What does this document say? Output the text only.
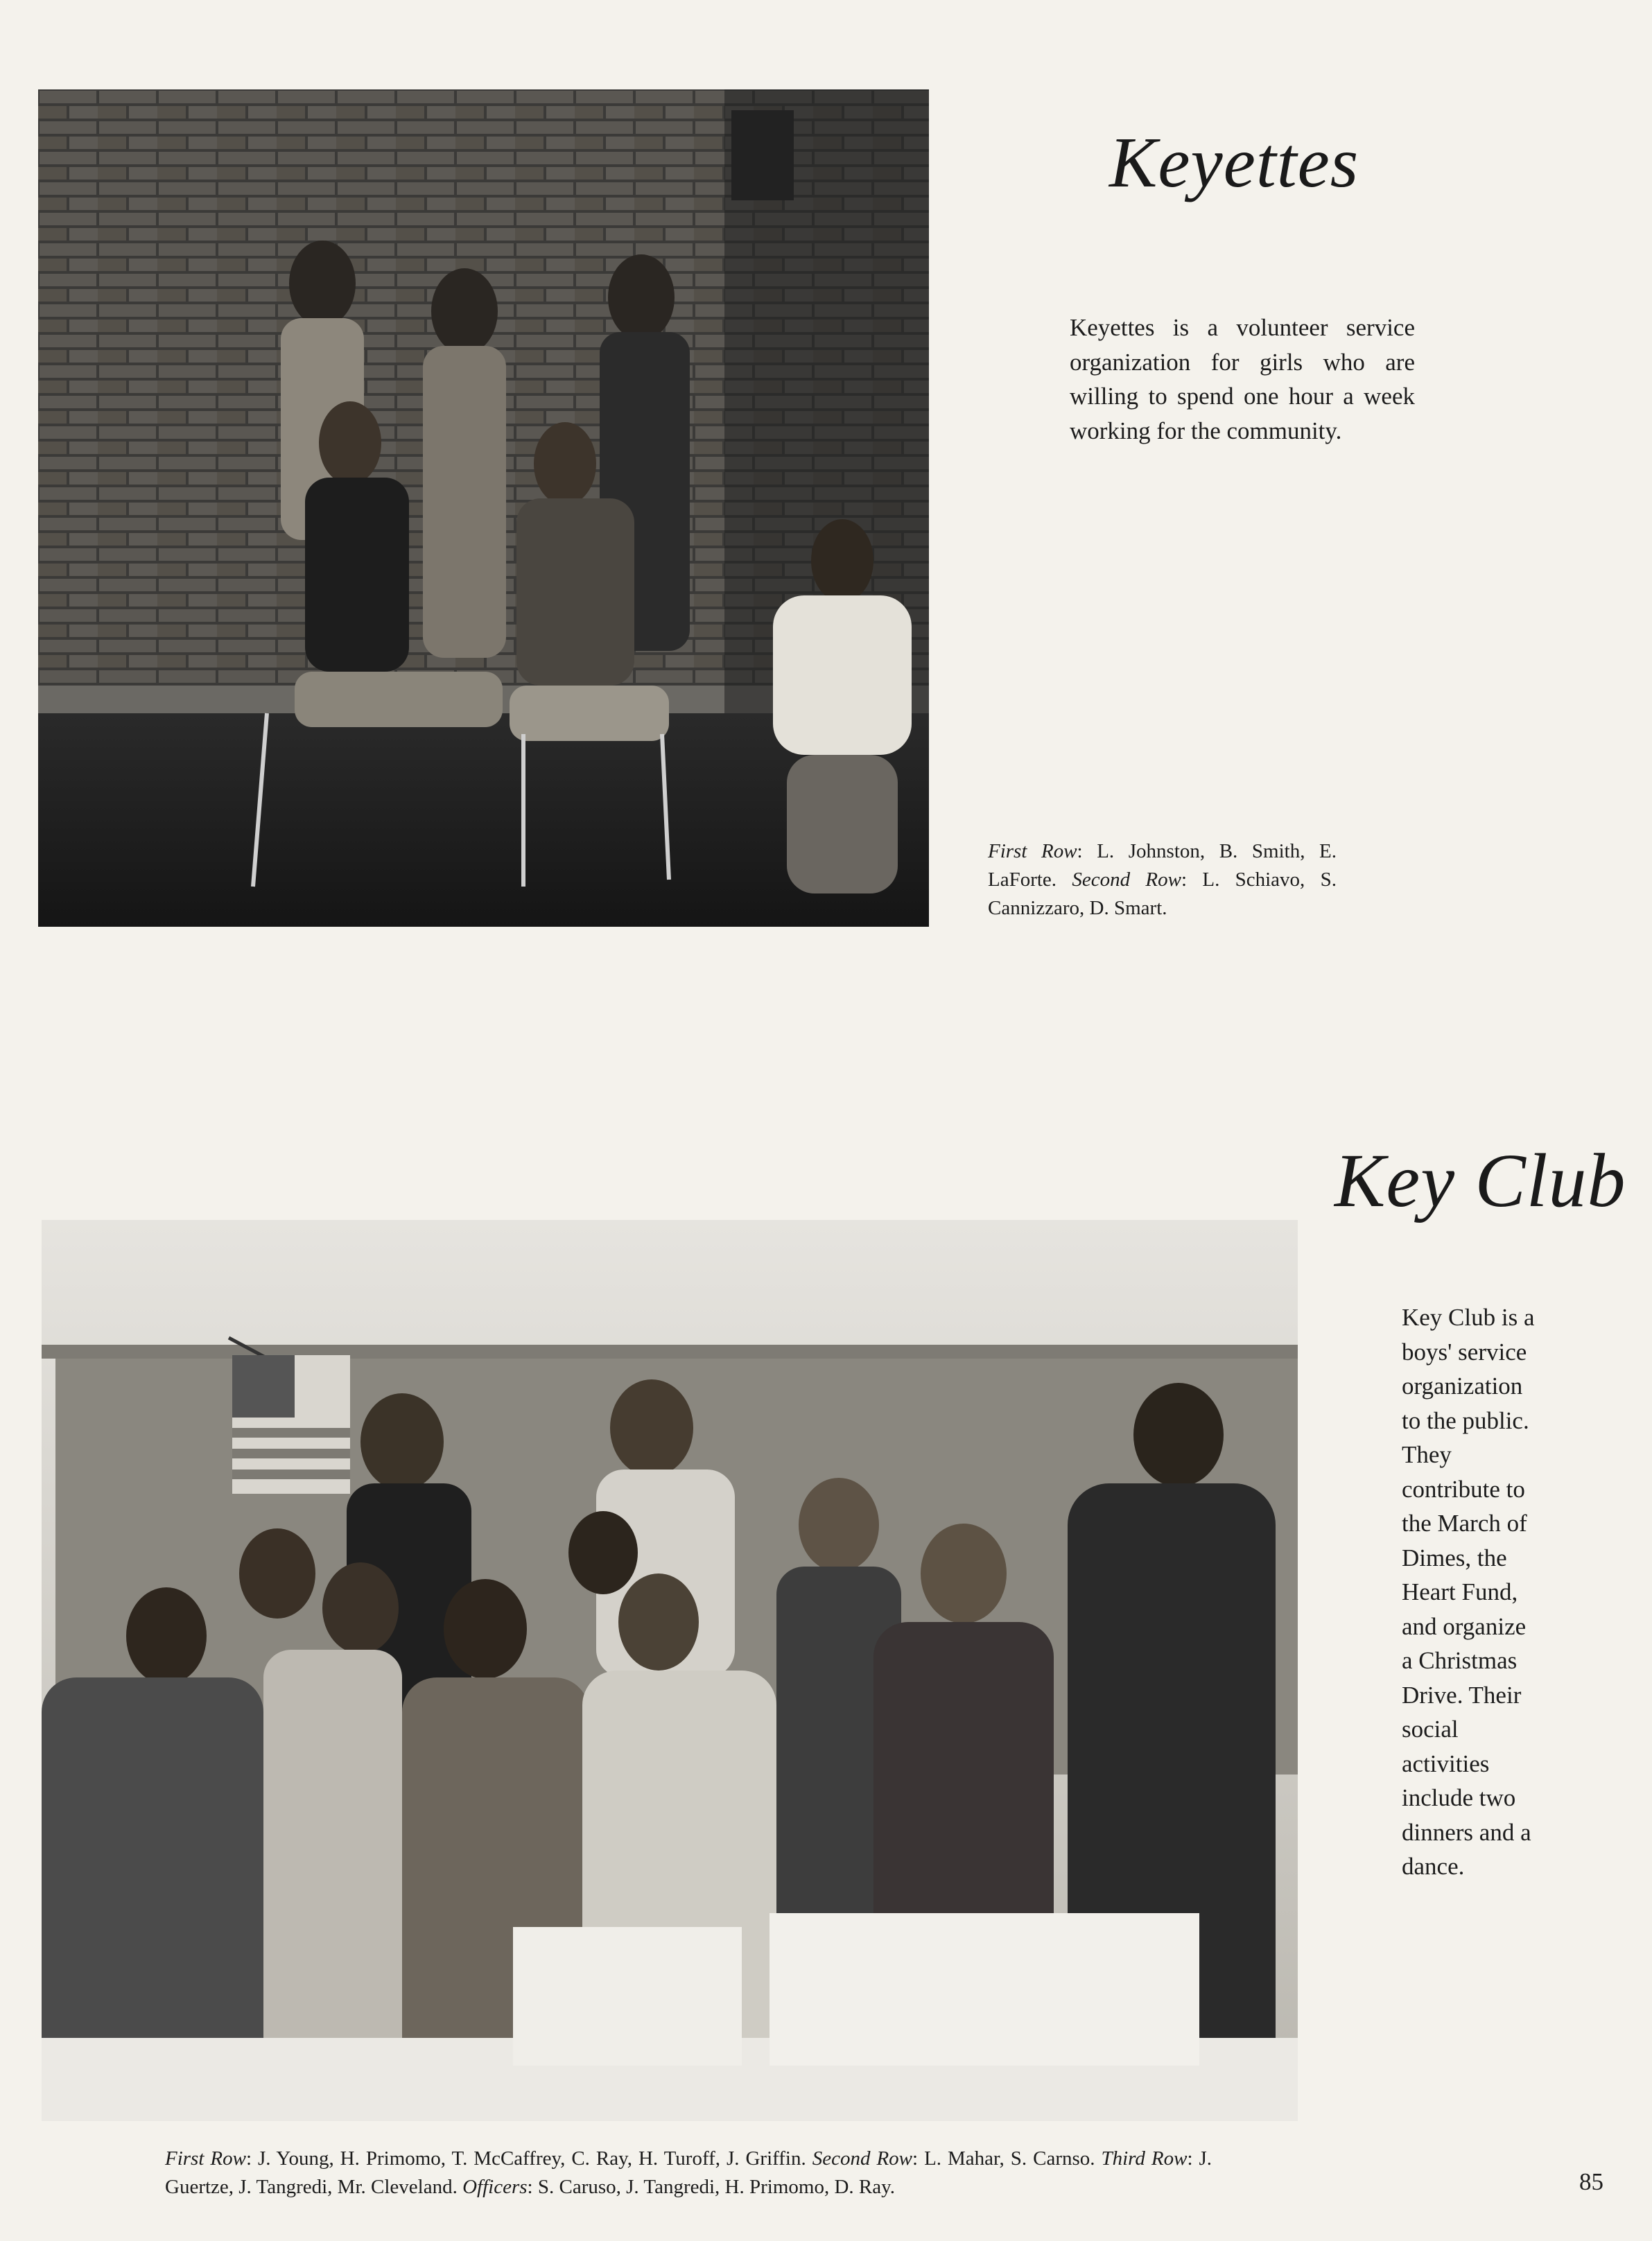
Keyettes

Keyettes is a volunteer service organization for girls who are willing to spend one hour a week working for the community.

First Row: L. Johnston, B. Smith, E. LaForte. Second Row: L. Schiavo, S. Cannizzaro, D. Smart.

Key Club

Key Club is a boys' service organization to the public. They contribute to the March of Dimes, the Heart Fund, and organize a Christmas Drive. Their social activities include two dinners and a dance.

First Row: J. Young, H. Primomo, T. McCaffrey, C. Ray, H. Turoff, J. Griffin. Second Row: L. Mahar, S. Carnso. Third Row: J. Guertze, J. Tangredi, Mr. Cleveland. Officers: S. Caruso, J. Tangredi, H. Primomo, D. Ray.	85
